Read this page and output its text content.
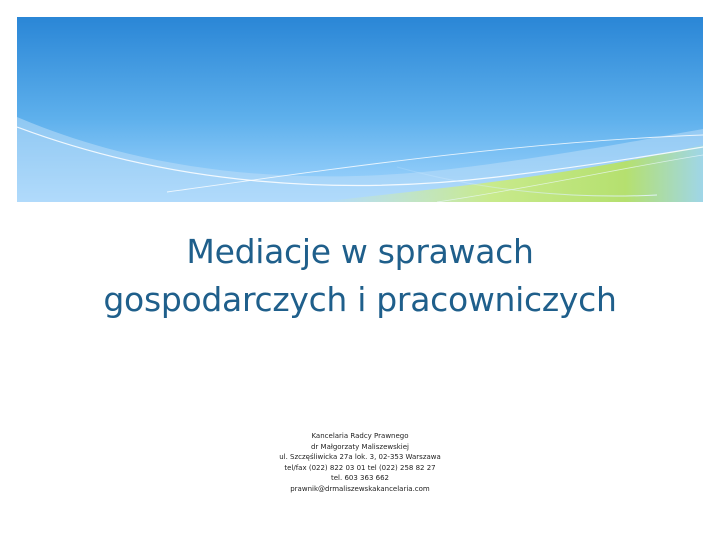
Mediacje w sprawach
gospodarczych i pracowniczych
Kancelaria Radcy Prawnego
dr Małgorzaty Maliszewskiej
ul. Szczęśliwicka 27a lok. 3, 02-353 Warszawa
tel/fax (022) 822 03 01 tel (022) 258 82 27
tel. 603 363 662
prawnik@drmaliszewskakancelaria.com
